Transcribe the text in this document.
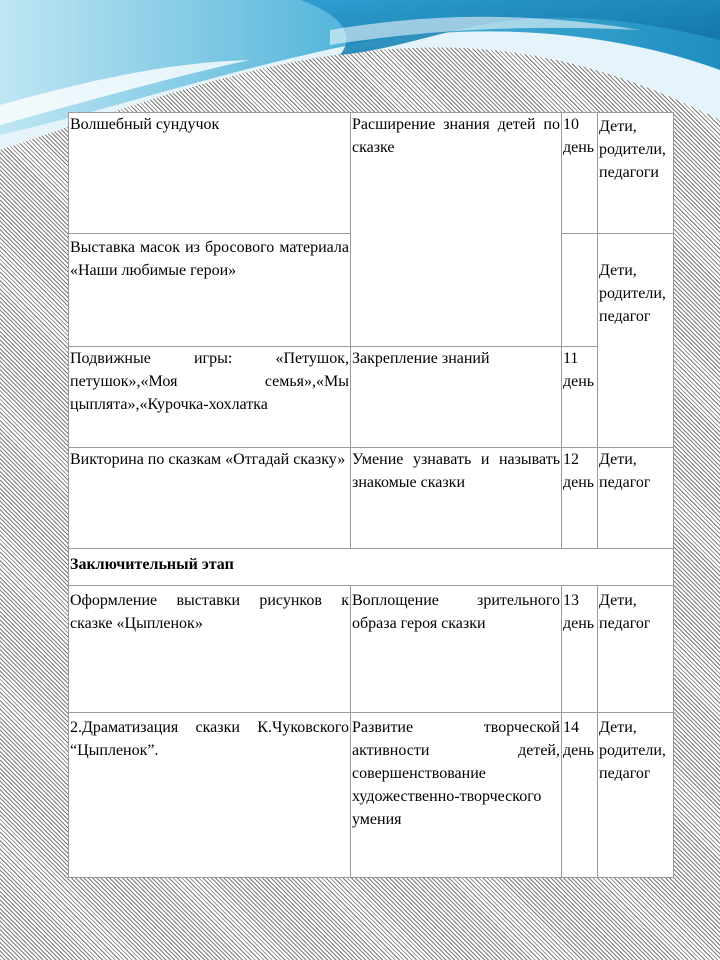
Волшебный сундучок	Расширение знания детей по сказке	10 день	Дети, родители, педагоги
Выставка масок из бросового материала «Наши любимые герои»			Дети, родители, педагог
Подвижные игры: «Петушок, петушок»,«Моя семья»,«Мы цыплята»,«Курочка-хохлатка	Закрепление знаний	11 день	
Викторина по сказкам «Отгадай сказку»	Умение узнавать и называть знакомые сказки	12 день	Дети, педагог
Заключительный этап			
Оформление выставки рисунков к сказке «Цыпленок»	Воплощение зрительного образа героя сказки	13 день	Дети, педагог
2.Драматизация сказки К.Чуковского “Цыпленок”.	Развитие творческой активности детей, совершенствование художественно-творческого умения	14 день	Дети, родители, педагог
